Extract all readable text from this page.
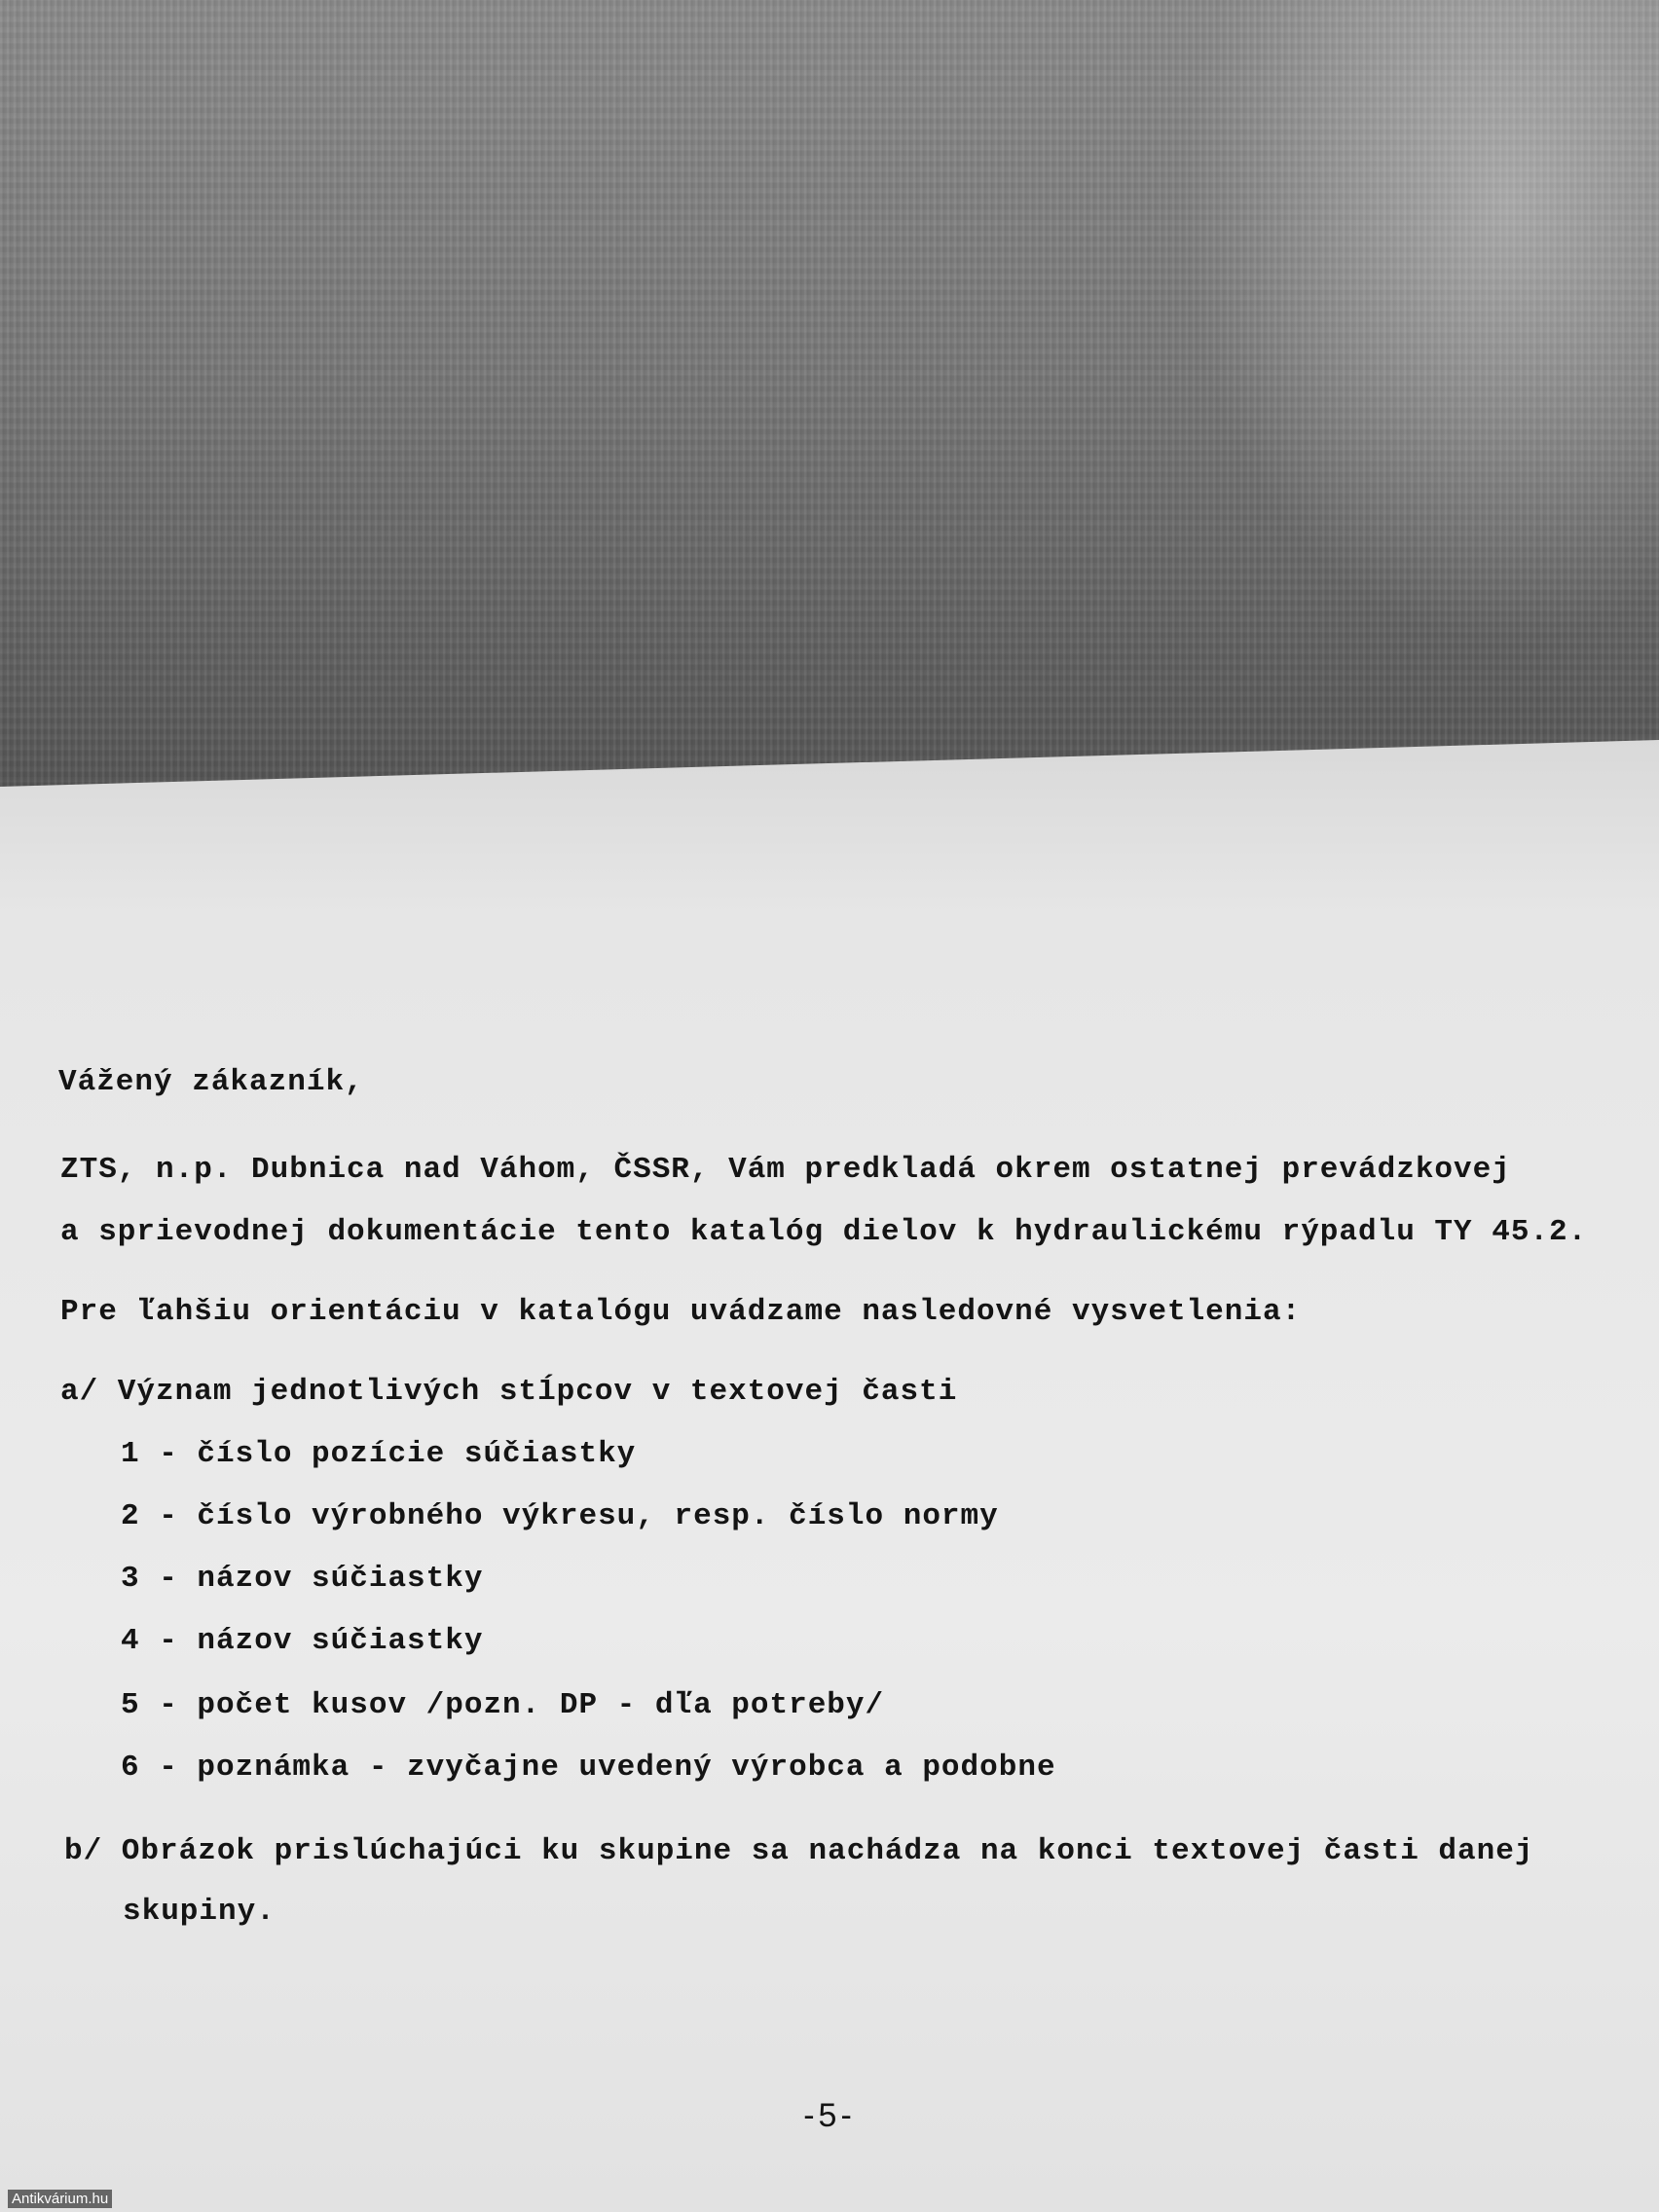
Vážený zákazník,
ZTS, n.p. Dubnica nad Váhom, ČSSR, Vám predkladá okrem ostatnej prevádzkovej
a sprievodnej dokumentácie tento katalóg dielov k hydraulickému rýpadlu TY 45.2.
Pre ľahšiu orientáciu v katalógu uvádzame nasledovné vysvetlenia:
a/ Význam jednotlivých stĺpcov v textovej časti
1 - číslo pozície súčiastky
2 - číslo výrobného výkresu, resp. číslo normy
3 - názov súčiastky
4 - názov súčiastky
5 - počet kusov /pozn. DP - dľa potreby/
6 - poznámka - zvyčajne uvedený výrobca a podobne
b/ Obrázok prislúchajúci ku skupine sa nachádza na konci textovej časti danej
skupiny.
-5-
Antikvárium.hu
